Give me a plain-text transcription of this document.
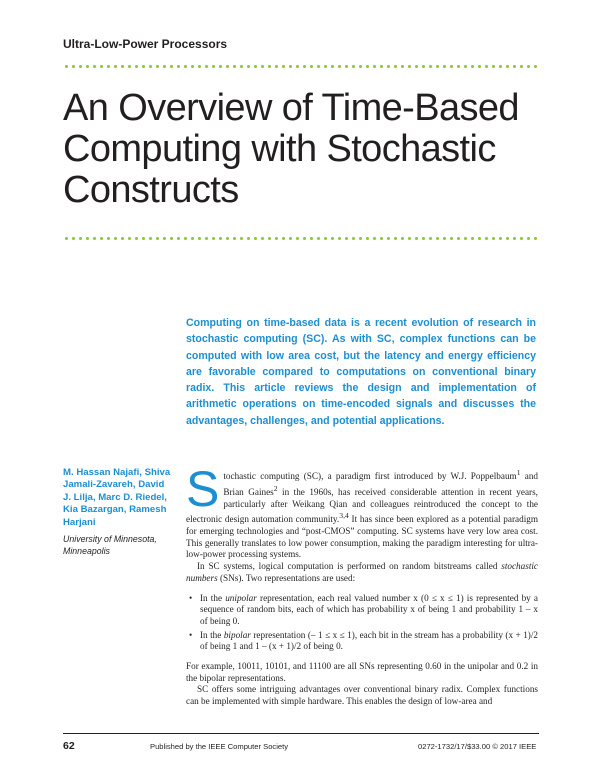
Ultra-Low-Power Processors
An Overview of Time-Based Computing with Stochastic Constructs

Computing on time-based data is a recent evolution of research in stochastic computing (SC). As with SC, complex functions can be computed with low area cost, but the latency and energy efficiency are favorable compared to computations on conventional binary radix. This article reviews the design and implementation of arithmetic operations on time-encoded signals and discusses the advantages, challenges, and potential applications.

M. Hassan Najafi, Shiva Jamali-Zavareh, David J. Lilja, Marc D. Riedel, Kia Bazargan, Ramesh Harjani

University of Minnesota, Minneapolis

Stochastic computing (SC), a paradigm first introduced by W.J. Poppelbaum$^1$ and Brian Gaines$^2$ in the 1960s, has received considerable attention in recent years, particularly after Weikang Qian and colleagues reintroduced the concept to the electronic design automation community.$^{3,4}$ It has since been explored as a potential paradigm for emerging technologies and “post-CMOS” computing. SC systems have very low area cost. This generally translates to low power consumption, making the paradigm interesting for ultra-low-power processing systems.

In SC systems, logical computation is performed on random bitstreams called stochastic numbers (SNs). Two representations are used:

• In the unipolar representation, each real valued number x (0 ≤ x ≤ 1) is represented by a sequence of random bits, each of which has probability x of being 1 and probability 1 – x of being 0.
• In the bipolar representation (– 1 ≤ x ≤ 1), each bit in the stream has a probability (x + 1)/2 of being 1 and 1 – (x + 1)/2 of being 0.

For example, 10011, 10101, and 11100 are all SNs representing 0.60 in the unipolar and 0.2 in the bipolar representations.

SC offers some intriguing advantages over conventional binary radix. Complex functions can be implemented with simple hardware. This enables the design of low-area and

62	Published by the IEEE Computer Society	0272-1732/17/$33.00 © 2017 IEEE
